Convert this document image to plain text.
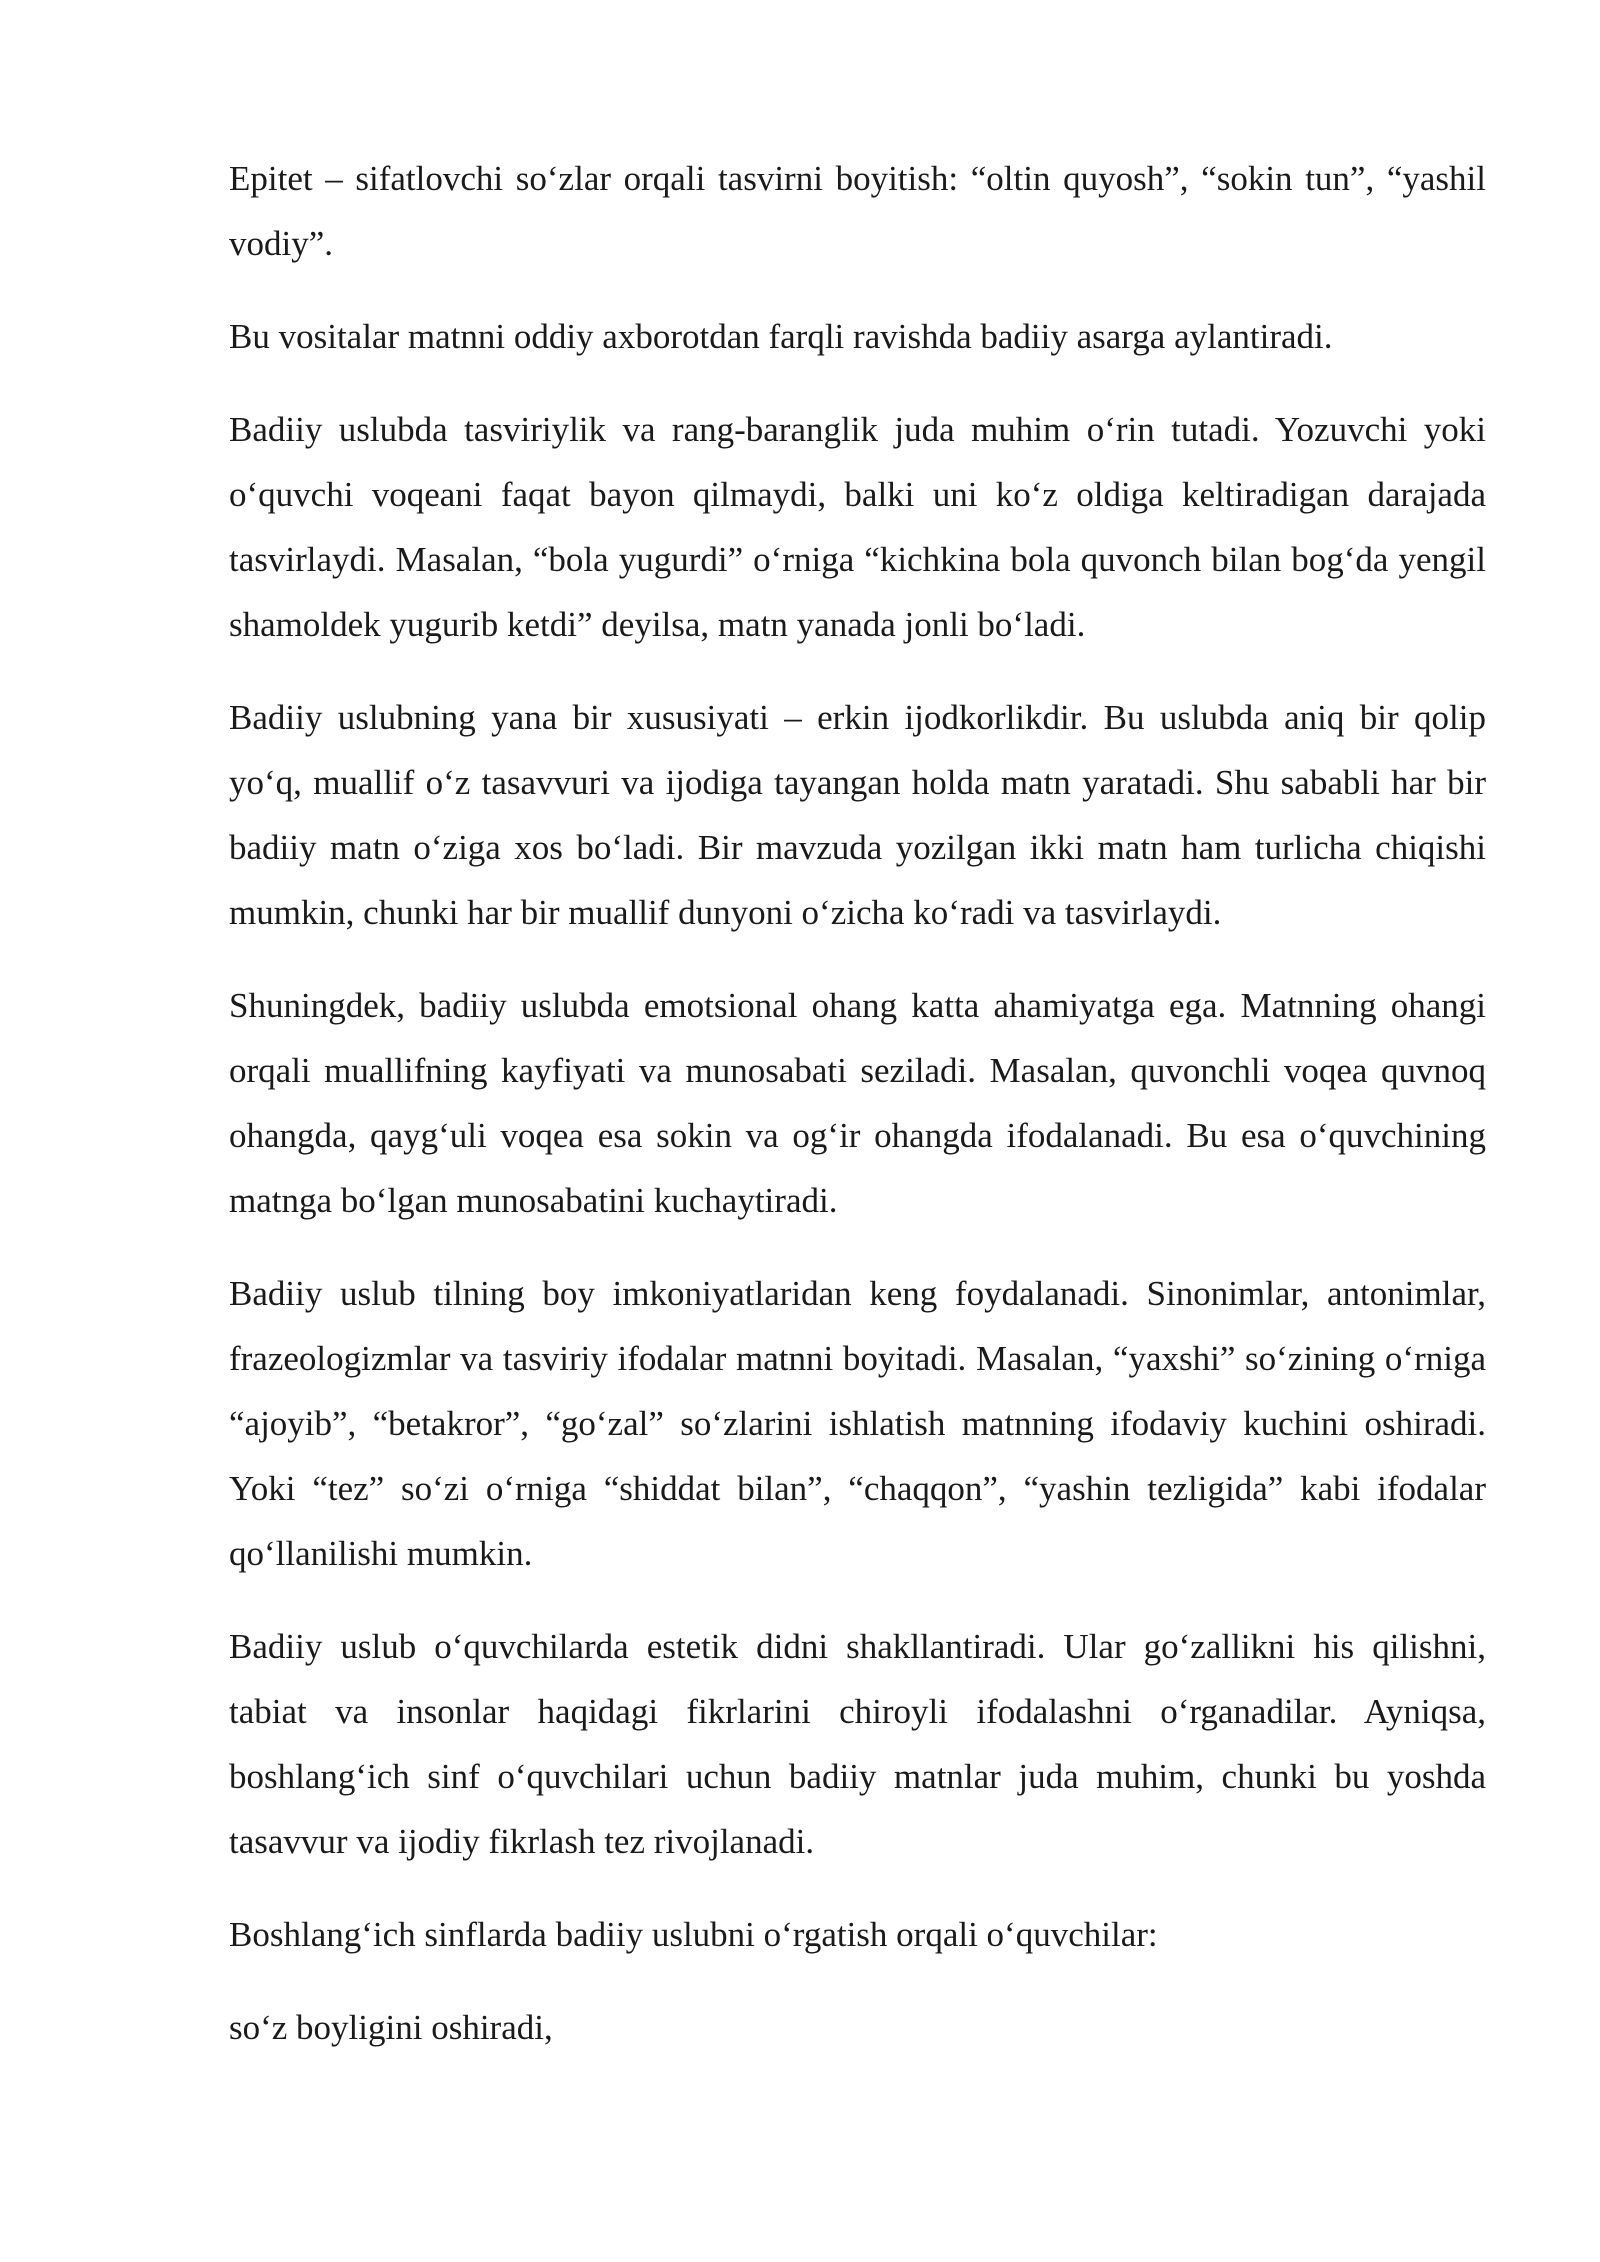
Epitet – sifatlovchi so‘zlar orqali tasvirni boyitish: “oltin quyosh”, “sokin tun”, “yashil vodiy”.

Bu vositalar matnni oddiy axborotdan farqli ravishda badiiy asarga aylantiradi.

Badiiy uslubda tasviriylik va rang-baranglik juda muhim o‘rin tutadi. Yozuvchi yoki o‘quvchi voqeani faqat bayon qilmaydi, balki uni ko‘z oldiga keltiradigan darajada tasvirlaydi. Masalan, “bola yugurdi” o‘rniga “kichkina bola quvonch bilan bog‘da yengil shamoldek yugurib ketdi” deyilsa, matn yanada jonli bo‘ladi.

Badiiy uslubning yana bir xususiyati – erkin ijodkorlikdir. Bu uslubda aniq bir qolip yo‘q, muallif o‘z tasavvuri va ijodiga tayangan holda matn yaratadi. Shu sababli har bir badiiy matn o‘ziga xos bo‘ladi. Bir mavzuda yozilgan ikki matn ham turlicha chiqishi mumkin, chunki har bir muallif dunyoni o‘zicha ko‘radi va tasvirlaydi.

Shuningdek, badiiy uslubda emotsional ohang katta ahamiyatga ega. Matnning ohangi orqali muallifning kayfiyati va munosabati seziladi. Masalan, quvonchli voqea quvnoq ohangda, qayg‘uli voqea esa sokin va og‘ir ohangda ifodalanadi. Bu esa o‘quvchining matnga bo‘lgan munosabatini kuchaytiradi.

Badiiy uslub tilning boy imkoniyatlaridan keng foydalanadi. Sinonimlar, antonimlar, frazeologizmlar va tasviriy ifodalar matnni boyitadi. Masalan, “yaxshi” so‘zining o‘rniga “ajoyib”, “betakror”, “go‘zal” so‘zlarini ishlatish matnning ifodaviy kuchini oshiradi. Yoki “tez” so‘zi o‘rniga “shiddat bilan”, “chaqqon”, “yashin tezligida” kabi ifodalar qo‘llanilishi mumkin.

Badiiy uslub o‘quvchilarda estetik didni shakllantiradi. Ular go‘zallikni his qilishni, tabiat va insonlar haqidagi fikrlarini chiroyli ifodalashni o‘rganadilar. Ayniqsa, boshlang‘ich sinf o‘quvchilari uchun badiiy matnlar juda muhim, chunki bu yoshda tasavvur va ijodiy fikrlash tez rivojlanadi.

Boshlang‘ich sinflarda badiiy uslubni o‘rgatish orqali o‘quvchilar:

so‘z boyligini oshiradi,
